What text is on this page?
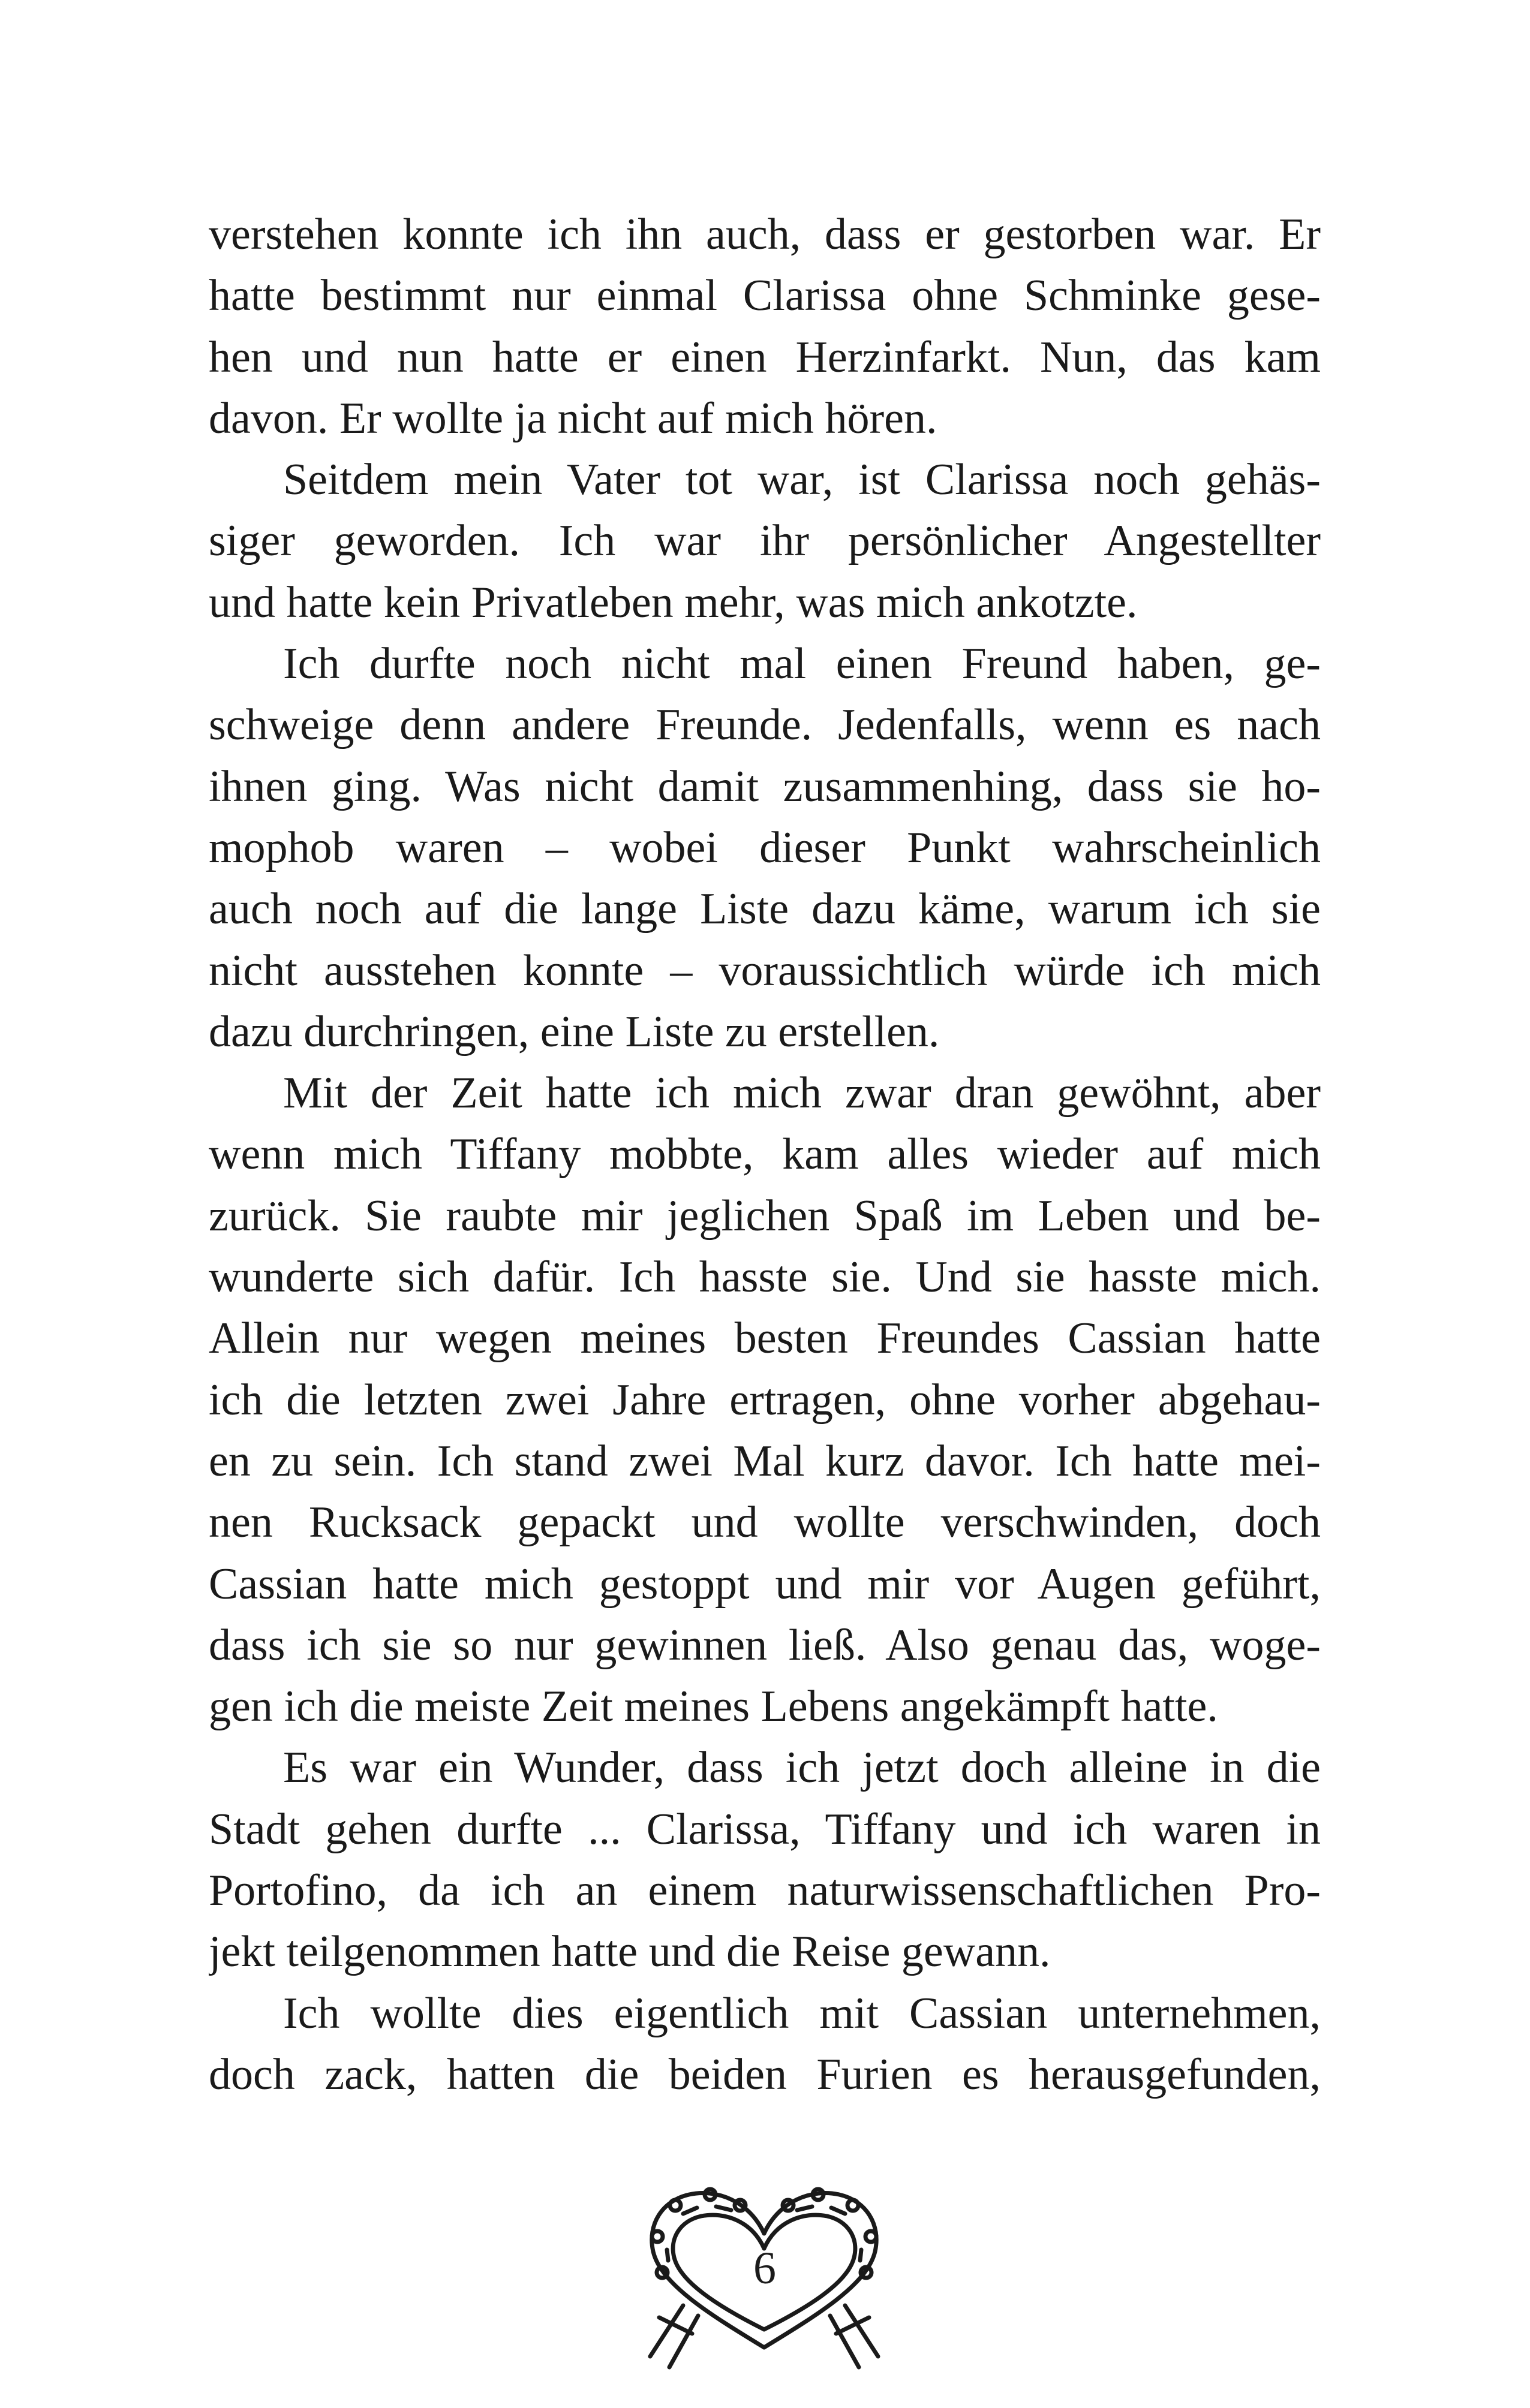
verstehen konnte ich ihn auch, dass er gestorben war. Er
hatte bestimmt nur einmal Clarissa ohne Schminke gese-
hen und nun hatte er einen Herzinfarkt. Nun, das kam
davon. Er wollte ja nicht auf mich hören.
Seitdem mein Vater tot war, ist Clarissa noch gehäs-
siger geworden. Ich war ihr persönlicher Angestellter
und hatte kein Privatleben mehr, was mich ankotzte.
Ich durfte noch nicht mal einen Freund haben, ge-
schweige denn andere Freunde. Jedenfalls, wenn es nach
ihnen ging. Was nicht damit zusammenhing, dass sie ho-
mophob waren – wobei dieser Punkt wahrscheinlich
auch noch auf die lange Liste dazu käme, warum ich sie
nicht ausstehen konnte – voraussichtlich würde ich mich
dazu durchringen, eine Liste zu erstellen.
Mit der Zeit hatte ich mich zwar dran gewöhnt, aber
wenn mich Tiffany mobbte, kam alles wieder auf mich
zurück. Sie raubte mir jeglichen Spaß im Leben und be-
wunderte sich dafür. Ich hasste sie. Und sie hasste mich.
Allein nur wegen meines besten Freundes Cassian hatte
ich die letzten zwei Jahre ertragen, ohne vorher abgehau-
en zu sein. Ich stand zwei Mal kurz davor. Ich hatte mei-
nen Rucksack gepackt und wollte verschwinden, doch
Cassian hatte mich gestoppt und mir vor Augen geführt,
dass ich sie so nur gewinnen ließ. Also genau das, woge-
gen ich die meiste Zeit meines Lebens angekämpft hatte.
Es war ein Wunder, dass ich jetzt doch alleine in die
Stadt gehen durfte ... Clarissa, Tiffany und ich waren in
Portofino, da ich an einem naturwissenschaftlichen Pro-
jekt teilgenommen hatte und die Reise gewann.
Ich wollte dies eigentlich mit Cassian unternehmen,
doch zack, hatten die beiden Furien es herausgefunden,
6
